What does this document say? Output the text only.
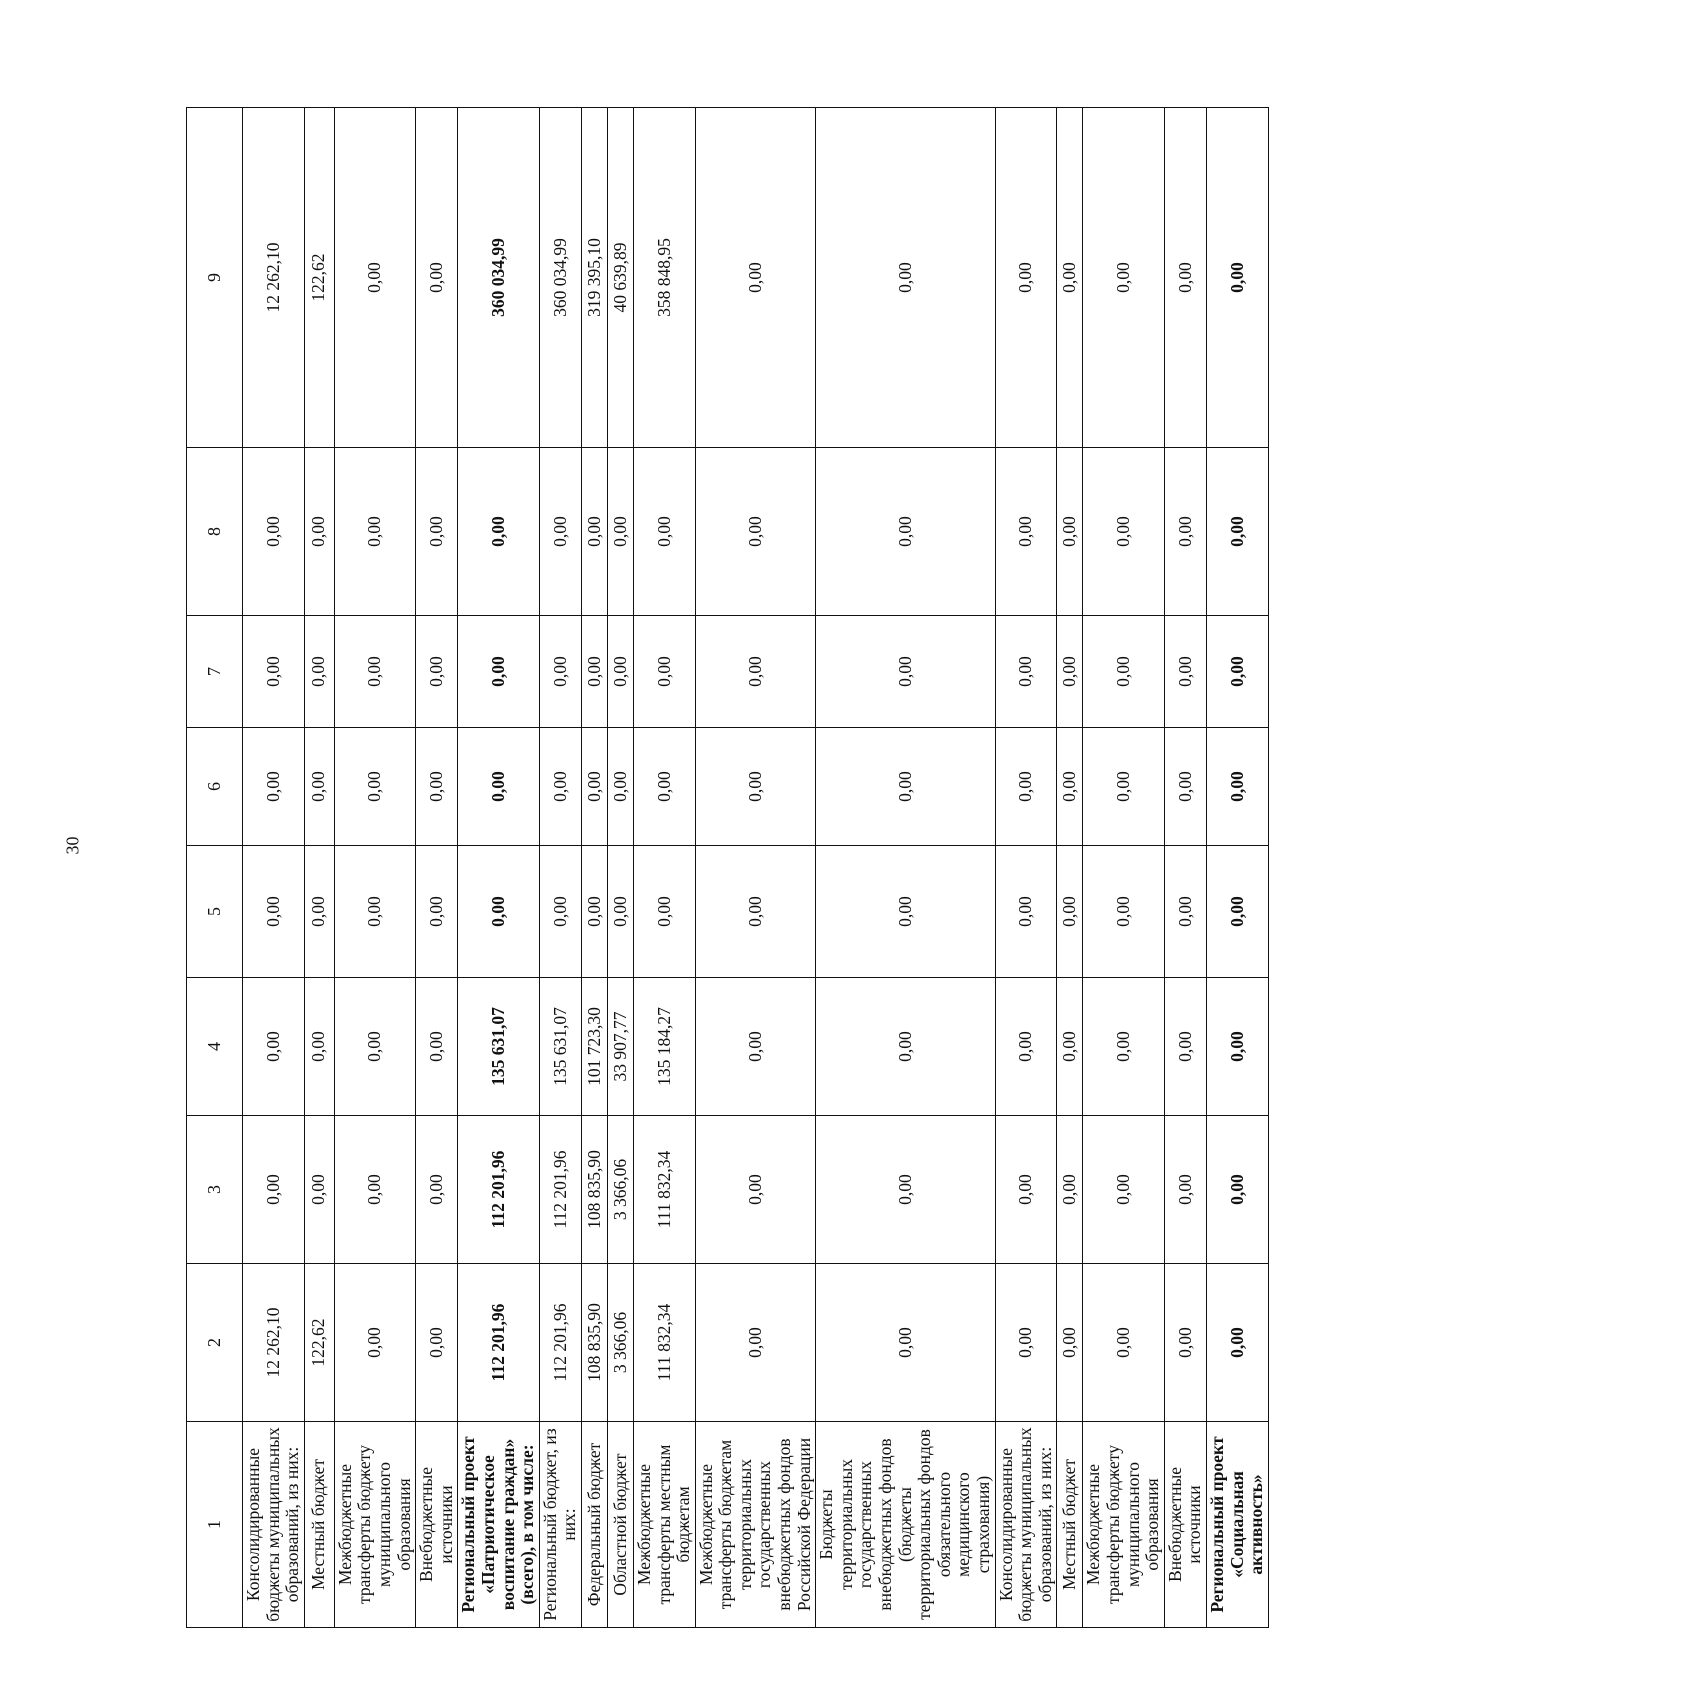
30
1	2	3	4	5	6	7	8	9
Консолидированные бюджеты муниципальных образований, из них:	12 262,10	0,00	0,00	0,00	0,00	0,00	0,00	12 262,10
Местный бюджет	122,62	0,00	0,00	0,00	0,00	0,00	0,00	122,62
Межбюджетные трансферты бюджету муниципального образования	0,00	0,00	0,00	0,00	0,00	0,00	0,00	0,00
Внебюджетные источники	0,00	0,00	0,00	0,00	0,00	0,00	0,00	0,00
Региональный проект «Патриотическое воспитание граждан» (всего), в том числе:	112 201,96	112 201,96	135 631,07	0,00	0,00	0,00	0,00	360 034,99
Региональный бюджет, из них:	112 201,96	112 201,96	135 631,07	0,00	0,00	0,00	0,00	360 034,99
Федеральный бюджет	108 835,90	108 835,90	101 723,30	0,00	0,00	0,00	0,00	319 395,10
Областной бюджет	3 366,06	3 366,06	33 907,77	0,00	0,00	0,00	0,00	40 639,89
Межбюджетные трансферты местным бюджетам	111 832,34	111 832,34	135 184,27	0,00	0,00	0,00	0,00	358 848,95
Межбюджетные трансферты бюджетам территориальных государственных внебюджетных фондов Российской Федерации	0,00	0,00	0,00	0,00	0,00	0,00	0,00	0,00
Бюджеты территориальных государственных внебюджетных фондов (бюджеты территориальных фондов обязательного медицинского страхования)	0,00	0,00	0,00	0,00	0,00	0,00	0,00	0,00
Консолидированные бюджеты муниципальных образований, из них:	0,00	0,00	0,00	0,00	0,00	0,00	0,00	0,00
Местный бюджет	0,00	0,00	0,00	0,00	0,00	0,00	0,00	0,00
Межбюджетные трансферты бюджету муниципального образования	0,00	0,00	0,00	0,00	0,00	0,00	0,00	0,00
Внебюджетные источники	0,00	0,00	0,00	0,00	0,00	0,00	0,00	0,00
Региональный проект «Социальная активность»	0,00	0,00	0,00	0,00	0,00	0,00	0,00	0,00
